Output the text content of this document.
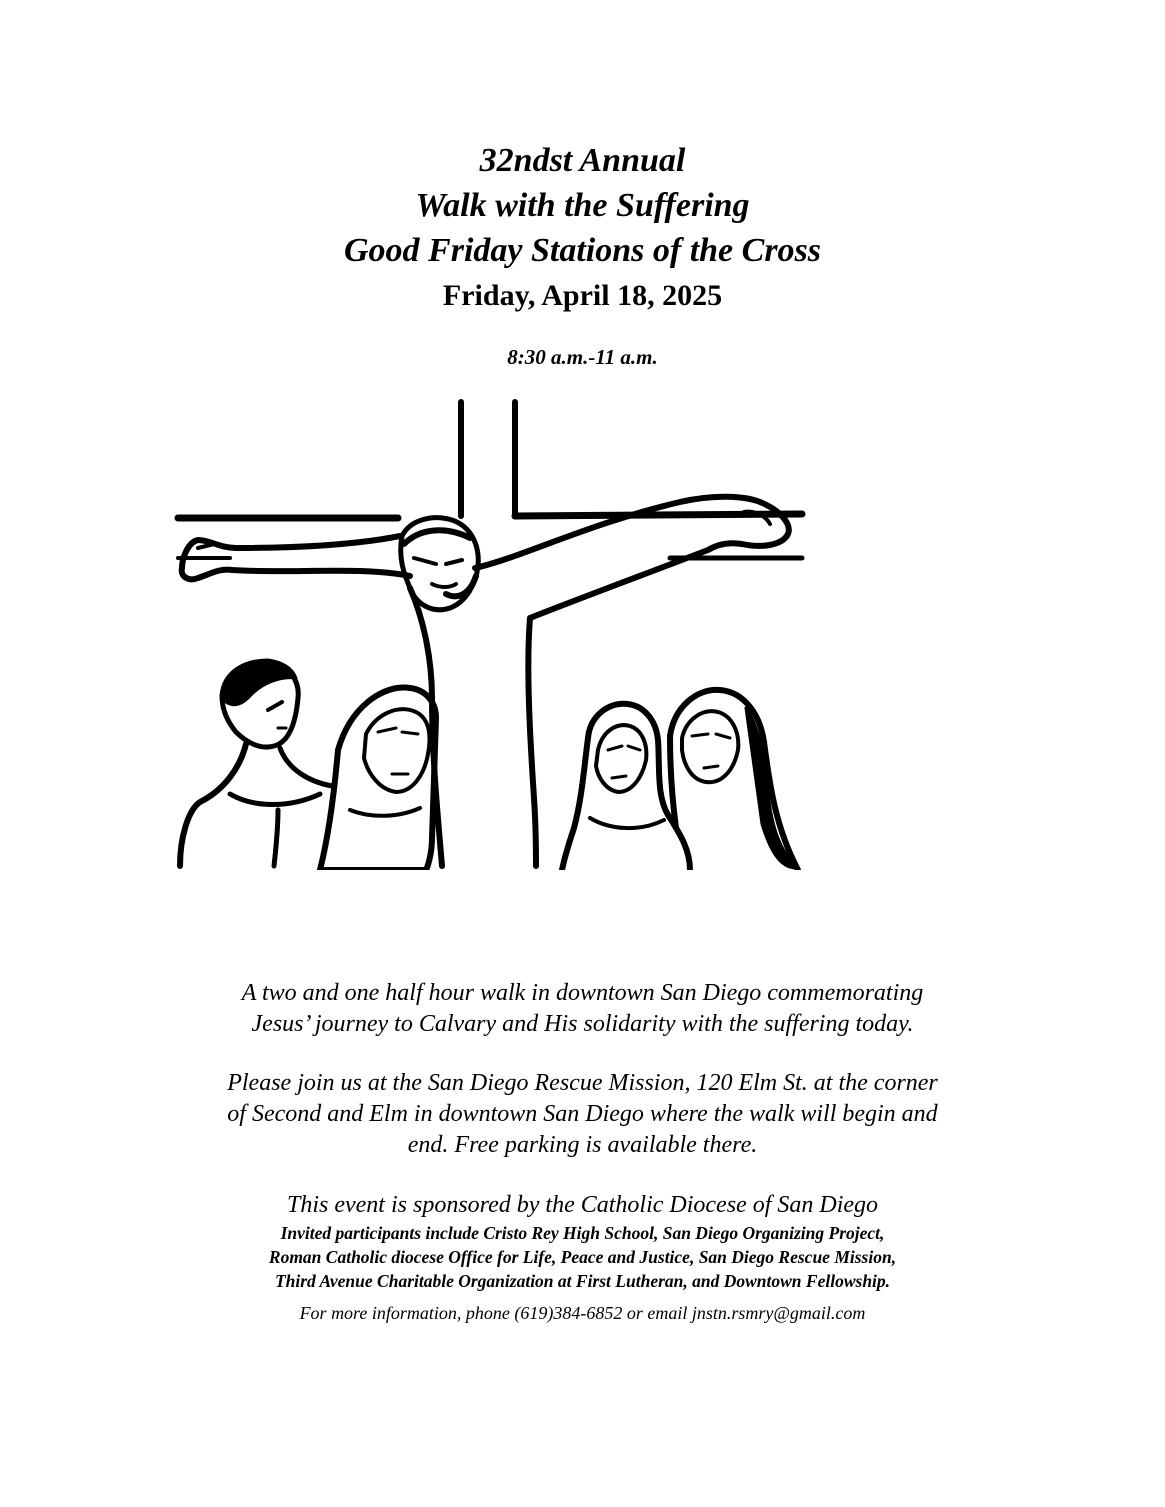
32ndst Annual
Walk with the Suffering
Good Friday Stations of the Cross
Friday, April 18, 2025
8:30 a.m.-11 a.m.
A two and one half hour walk in downtown San Diego commemorating
Jesus’ journey to Calvary and His solidarity with the suffering today.
Please join us at the San Diego Rescue Mission, 120 Elm St. at the corner
of Second and Elm in downtown San Diego where the walk will begin and
end. Free parking is available there.
This event is sponsored by the Catholic Diocese of San Diego
Invited participants include Cristo Rey High School, San Diego Organizing Project,
Roman Catholic diocese Office for Life, Peace and Justice, San Diego Rescue Mission,
Third Avenue Charitable Organization at First Lutheran, and Downtown Fellowship.
For more information, phone (619)384-6852 or email jnstn.rsmry@gmail.com
